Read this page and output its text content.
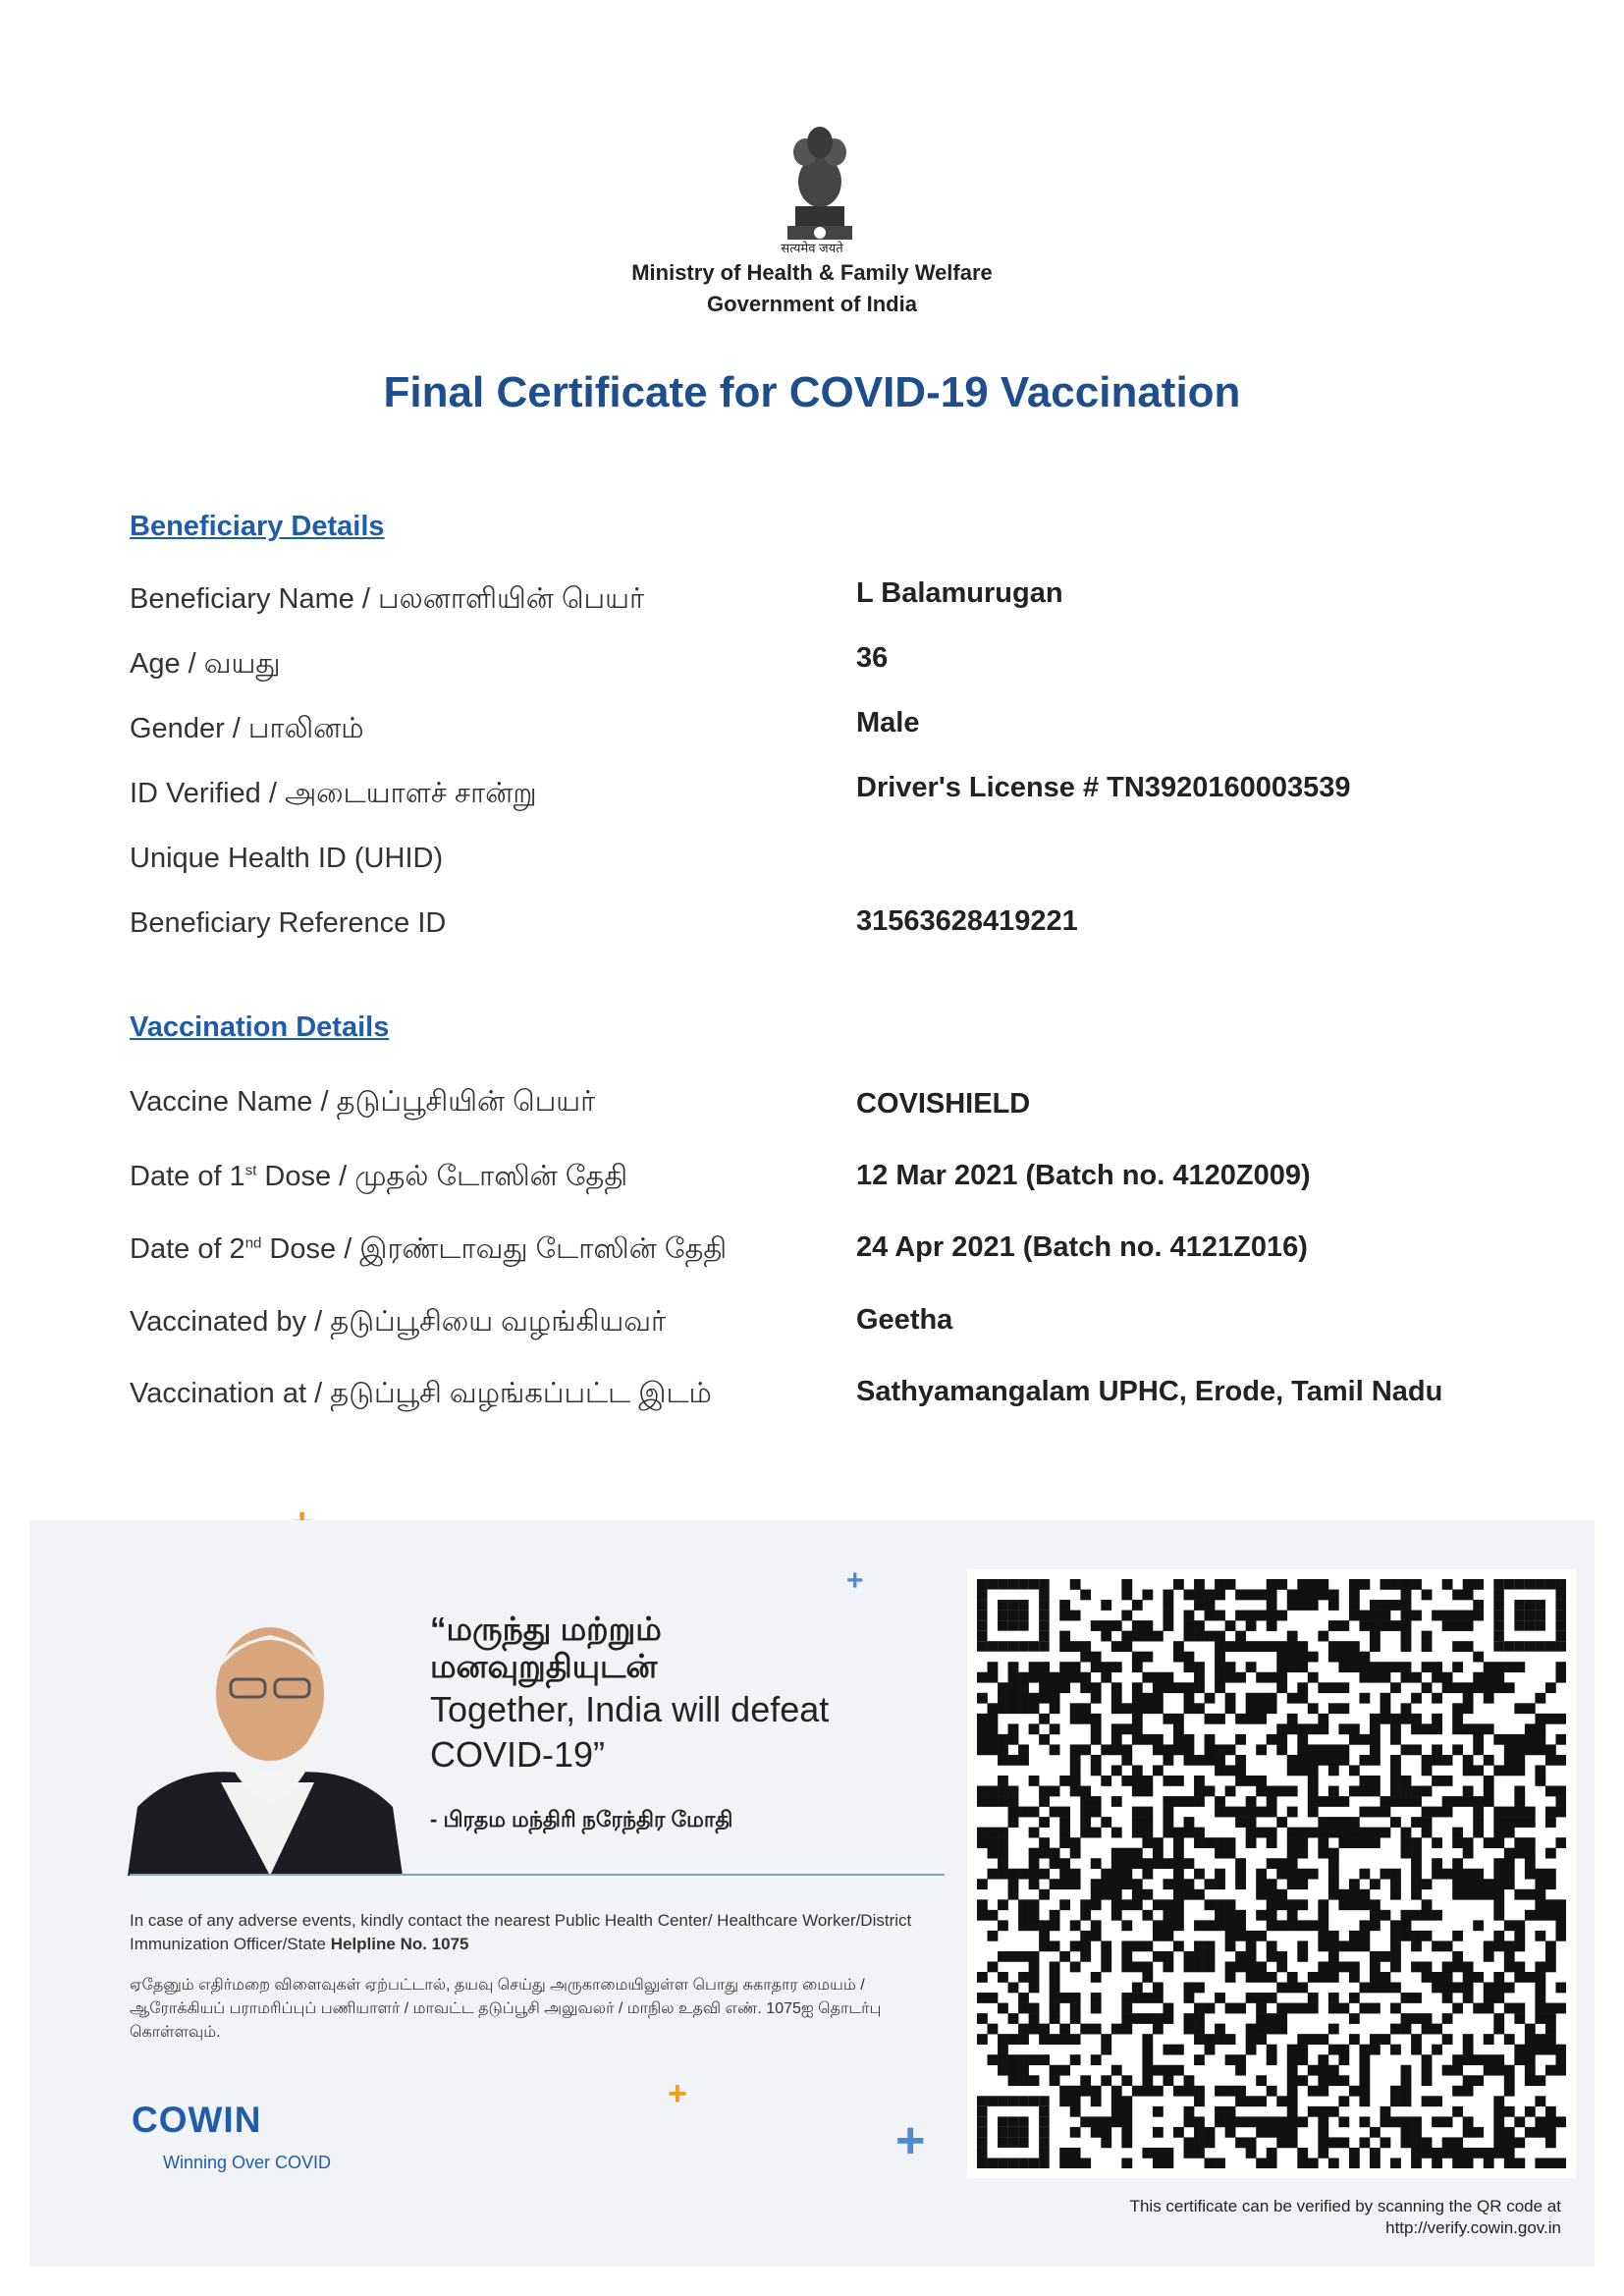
सत्यमेव जयते
Ministry of Health & Family Welfare
Government of India
Final Certificate for COVID-19 Vaccination
Beneficiary Details
Beneficiary Name / பலனாளியின் பெயர்	L Balamurugan
Age / வயது	36
Gender / பாலினம்	Male
ID Verified / அடையாளச் சான்று	Driver's License # TN3920160003539
Unique Health ID (UHID)
Beneficiary Reference ID	31563628419221
Vaccination Details
Vaccine Name / தடுப்பூசியின் பெயர்	COVISHIELD
Date of 1st Dose / முதல் டோஸின் தேதி	12 Mar 2021 (Batch no. 4120Z009)
Date of 2nd Dose / இரண்டாவது டோஸின் தேதி	24 Apr 2021 (Batch no. 4121Z016)
Vaccinated by / தடுப்பூசியை வழங்கியவர்	Geetha
Vaccination at / தடுப்பூசி வழங்கப்பட்ட இடம்	Sathyamangalam UPHC, Erode, Tamil Nadu
+
“மருந்து மற்றும் மனவுறுதியுடன்
Together, India will defeat COVID-19”
- பிரதம மந்திரி நரேந்திர மோதி
In case of any adverse events, kindly contact the nearest Public Health Center/ Healthcare Worker/District Immunization Officer/State Helpline No. 1075
ஏதேனும் எதிர்மறை விளைவுகள் ஏற்பட்டால், தயவு செய்து அருகாமையிலுள்ள பொது சுகாதார மையம் / ஆரோக்கியப் பராமரிப்புப் பணியாளர் / மாவட்ட தடுப்பூசி அலுவலர் / மாநில உதவி எண். 1075ஐ தொடர்பு கொள்ளவும்.
+
+
COWIN
Winning Over COVID
This certificate can be verified by scanning the QR code at
http://verify.cowin.gov.in
